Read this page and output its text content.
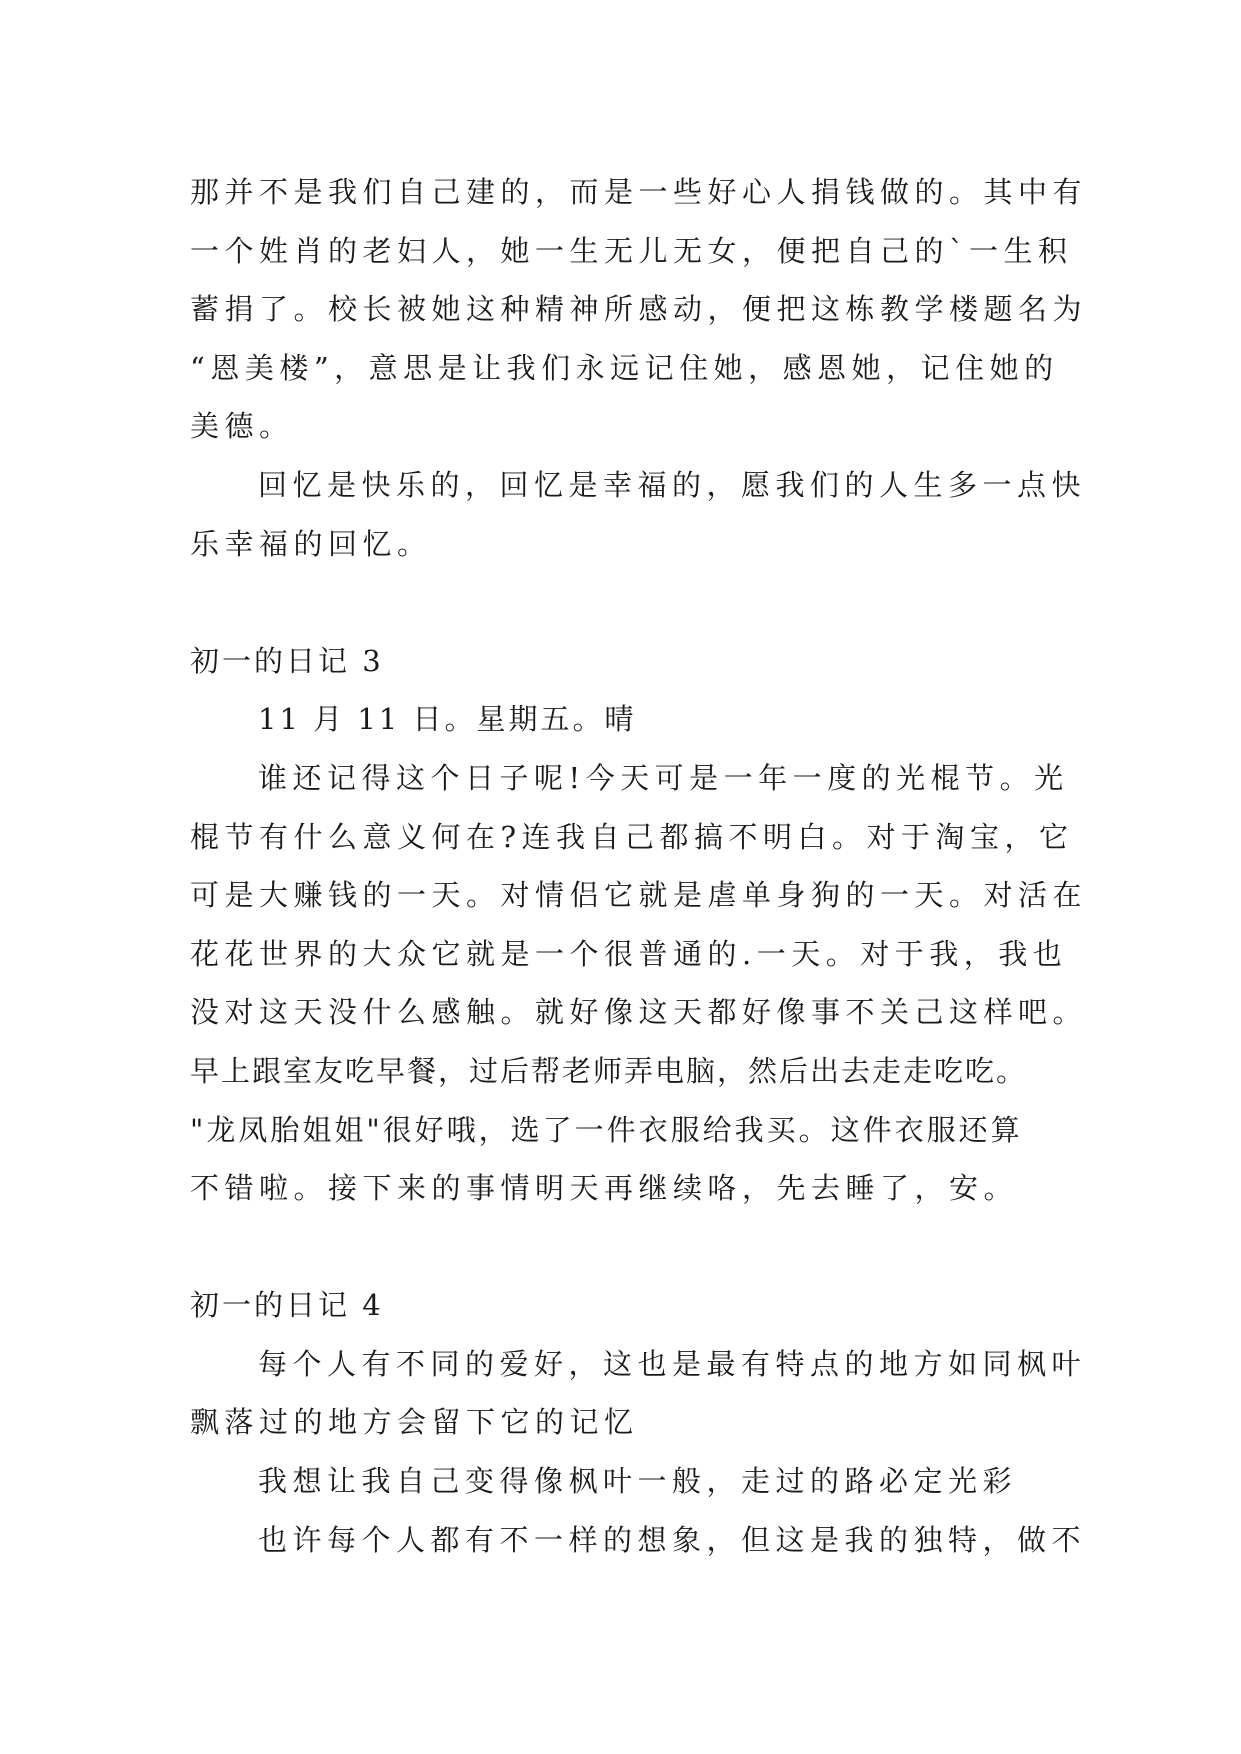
那并不是我们自己建的，而是一些好心人捐钱做的。其中有
一个姓肖的老妇人，她一生无儿无女，便把自己的`一生积
蓄捐了。校长被她这种精神所感动，便把这栋教学楼题名为
“恩美楼”，意思是让我们永远记住她，感恩她，记住她的
美德。
回忆是快乐的，回忆是幸福的，愿我们的人生多一点快
乐幸福的回忆。
初一的日记 3
11 月 11 日。星期五。晴
谁还记得这个日子呢!今天可是一年一度的光棍节。光
棍节有什么意义何在?连我自己都搞不明白。对于淘宝，它
可是大赚钱的一天。对情侣它就是虐单身狗的一天。对活在
花花世界的大众它就是一个很普通的.一天。对于我，我也
没对这天没什么感触。就好像这天都好像事不关己这样吧。
早上跟室友吃早餐，过后帮老师弄电脑，然后出去走走吃吃。
"龙凤胎姐姐"很好哦，选了一件衣服给我买。这件衣服还算
不错啦。接下来的事情明天再继续咯，先去睡了，安。
初一的日记 4
每个人有不同的爱好，这也是最有特点的地方如同枫叶
飘落过的地方会留下它的记忆
我想让我自己变得像枫叶一般，走过的路必定光彩
也许每个人都有不一样的想象，但这是我的独特，做不
